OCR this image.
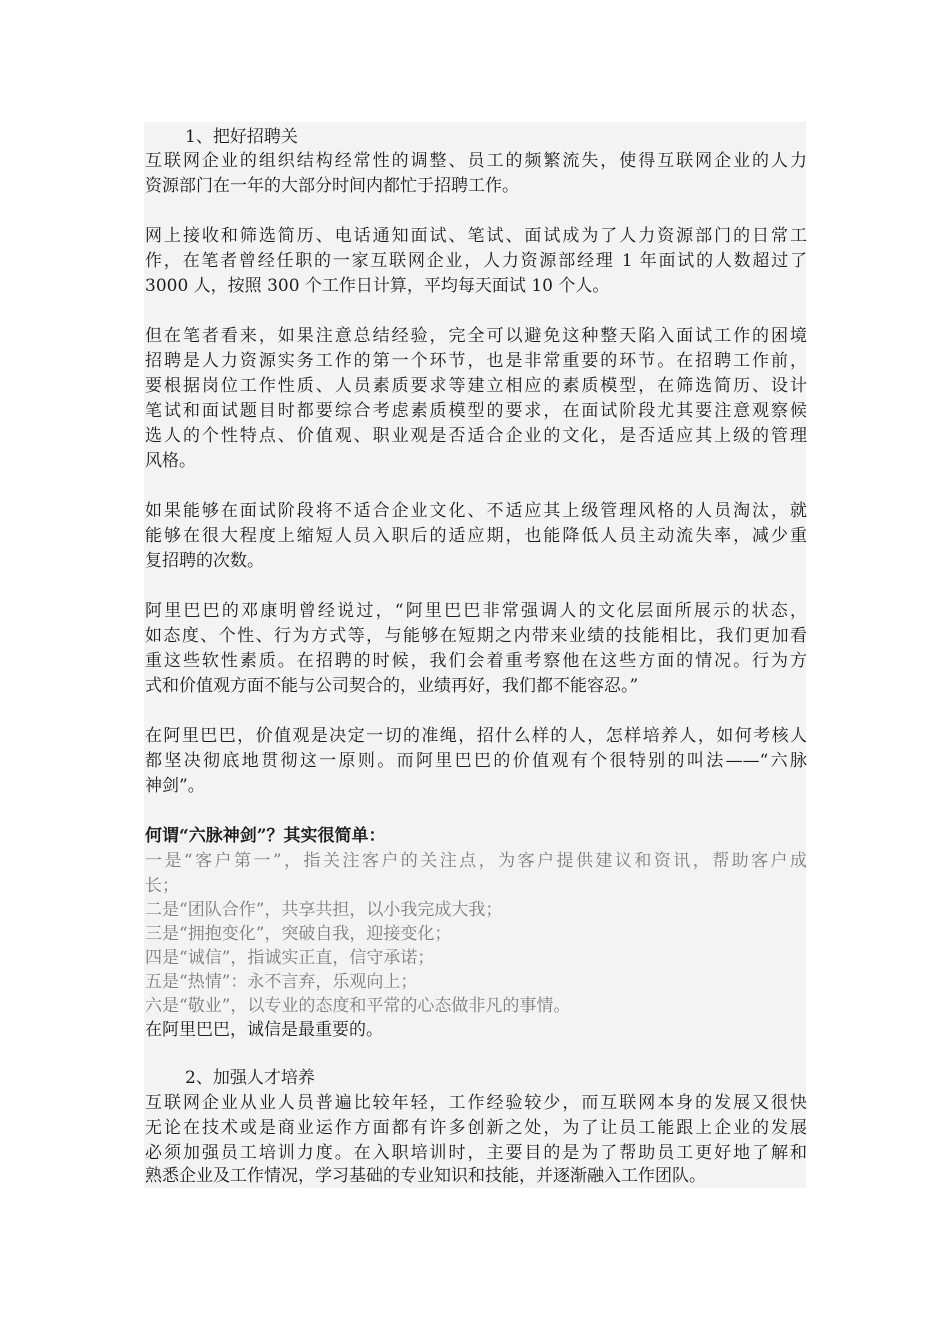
1、把好招聘关
互联网企业的组织结构经常性的调整、员工的频繁流失，使得互联网企业的人力
资源部门在一年的大部分时间内都忙于招聘工作。
网上接收和筛选简历、电话通知面试、笔试、面试成为了人力资源部门的日常工
作，在笔者曾经任职的一家互联网企业，人力资源部经理 1 年面试的人数超过了
3000 人，按照 300 个工作日计算，平均每天面试 10 个人。
但在笔者看来，如果注意总结经验，完全可以避免这种整天陷入面试工作的困境
招聘是人力资源实务工作的第一个环节，也是非常重要的环节。在招聘工作前，
要根据岗位工作性质、人员素质要求等建立相应的素质模型，在筛选简历、设计
笔试和面试题目时都要综合考虑素质模型的要求，在面试阶段尤其要注意观察候
选人的个性特点、价值观、职业观是否适合企业的文化，是否适应其上级的管理
风格。
如果能够在面试阶段将不适合企业文化、不适应其上级管理风格的人员淘汰，就
能够在很大程度上缩短人员入职后的适应期，也能降低人员主动流失率，减少重
复招聘的次数。
阿里巴巴的邓康明曾经说过，“阿里巴巴非常强调人的文化层面所展示的状态，
如态度、个性、行为方式等，与能够在短期之内带来业绩的技能相比，我们更加看
重这些软性素质。在招聘的时候，我们会着重考察他在这些方面的情况。行为方
式和价值观方面不能与公司契合的，业绩再好，我们都不能容忍。”
在阿里巴巴，价值观是决定一切的准绳，招什么样的人，怎样培养人，如何考核人
都坚决彻底地贯彻这一原则。而阿里巴巴的价值观有个很特别的叫法——“六脉
神剑”。
何谓“六脉神剑”？其实很简单：
一是“客户第一”，指关注客户的关注点，为客户提供建议和资讯，帮助客户成
长；
二是“团队合作”，共享共担，以小我完成大我；
三是“拥抱变化”，突破自我，迎接变化；
四是“诚信”，指诚实正直，信守承诺；
五是“热情”：永不言弃，乐观向上；
六是“敬业”，以专业的态度和平常的心态做非凡的事情。
在阿里巴巴，诚信是最重要的。
2、加强人才培养
互联网企业从业人员普遍比较年轻，工作经验较少，而互联网本身的发展又很快
无论在技术或是商业运作方面都有许多创新之处，为了让员工能跟上企业的发展
必须加强员工培训力度。在入职培训时，主要目的是为了帮助员工更好地了解和
熟悉企业及工作情况，学习基础的专业知识和技能，并逐渐融入工作团队。
